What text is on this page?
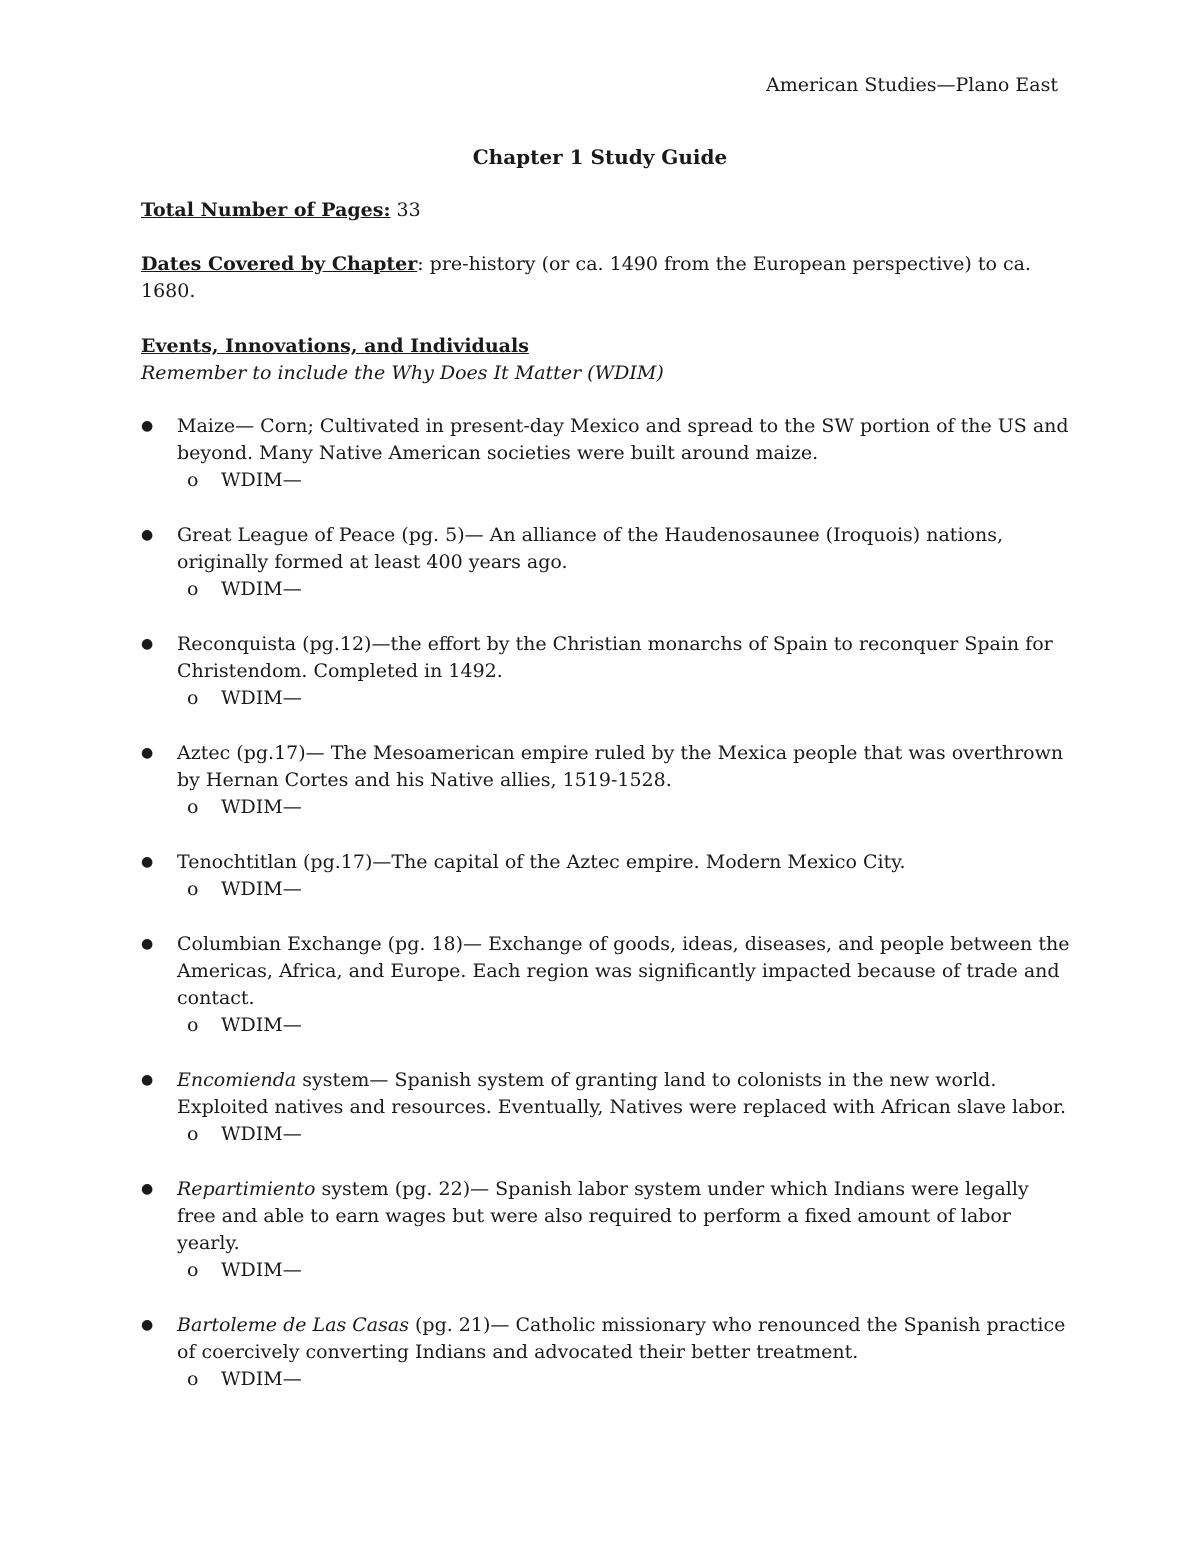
American Studies—Plano East
Chapter 1 Study Guide
Total Number of Pages: 33
Dates Covered by Chapter: pre-history (or ca. 1490 from the European perspective) to ca. 1680.
Events, Innovations, and Individuals
Remember to include the Why Does It Matter (WDIM)
● Maize— Corn; Cultivated in present-day Mexico and spread to the SW portion of the US and beyond. Many Native American societies were built around maize.
o WDIM—
● Great League of Peace (pg. 5)— An alliance of the Haudenosaunee (Iroquois) nations, originally formed at least 400 years ago.
o WDIM—
● Reconquista (pg.12)—the effort by the Christian monarchs of Spain to reconquer Spain for Christendom. Completed in 1492.
o WDIM—
● Aztec (pg.17)— The Mesoamerican empire ruled by the Mexica people that was overthrown by Hernan Cortes and his Native allies, 1519-1528.
o WDIM—
● Tenochtitlan (pg.17)—The capital of the Aztec empire. Modern Mexico City.
o WDIM—
● Columbian Exchange (pg. 18)— Exchange of goods, ideas, diseases, and people between the Americas, Africa, and Europe. Each region was significantly impacted because of trade and contact.
o WDIM—
● Encomienda system— Spanish system of granting land to colonists in the new world. Exploited natives and resources. Eventually, Natives were replaced with African slave labor.
o WDIM—
● Repartimiento system (pg. 22)— Spanish labor system under which Indians were legally free and able to earn wages but were also required to perform a fixed amount of labor yearly.
o WDIM—
● Bartoleme de Las Casas (pg. 21)— Catholic missionary who renounced the Spanish practice of coercively converting Indians and advocated their better treatment.
o WDIM—
